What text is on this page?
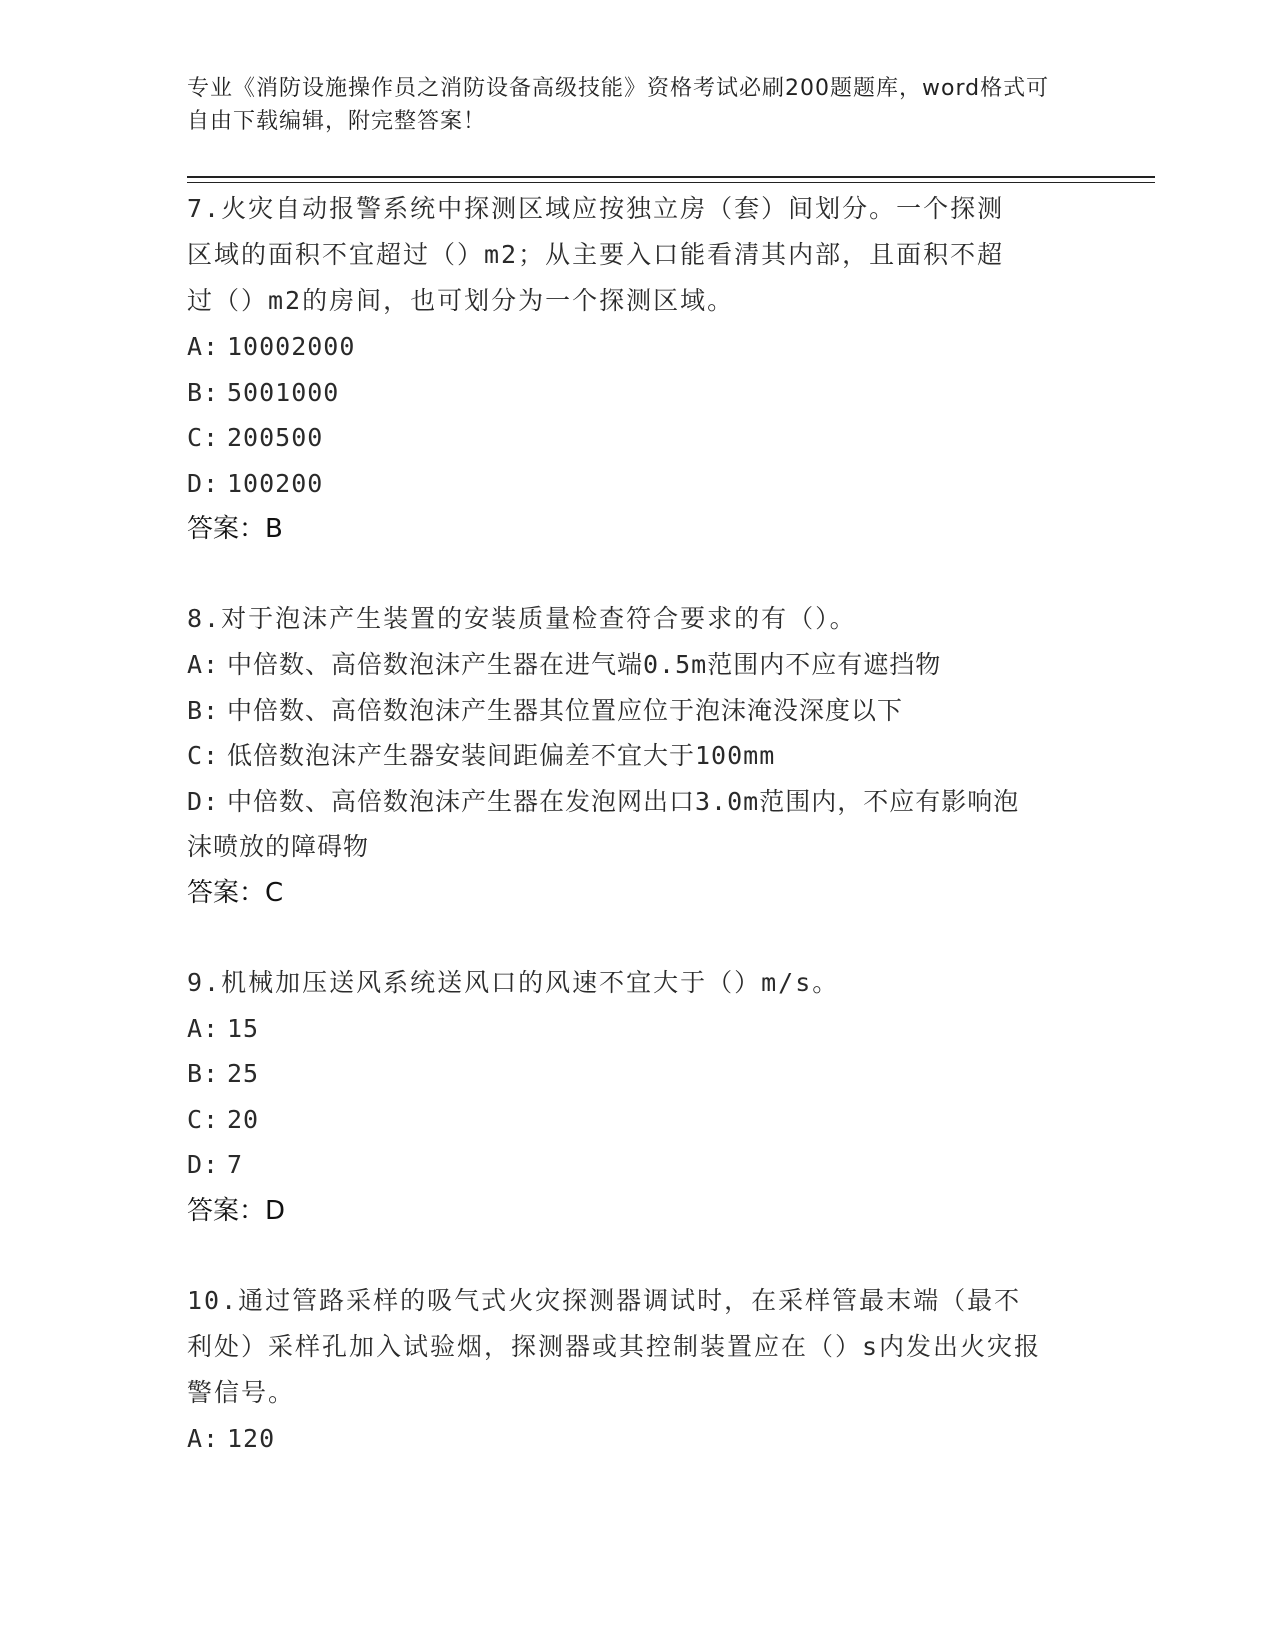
专业《消防设施操作员之消防设备高级技能》资格考试必刷200题题库，word格式可自由下载编辑，附完整答案！
7.火灾自动报警系统中探测区域应按独立房（套）间划分。一个探测区域的面积不宜超过（）m2；从主要入口能看清其内部，且面积不超过（）m2的房间，也可划分为一个探测区域。
A: 10002000
B: 5001000
C: 200500
D: 100200
答案：B
8.对于泡沫产生装置的安装质量检查符合要求的有（）。
A: 中倍数、高倍数泡沫产生器在进气端0.5m范围内不应有遮挡物
B: 中倍数、高倍数泡沫产生器其位置应位于泡沫淹没深度以下
C: 低倍数泡沫产生器安装间距偏差不宜大于100mm
D: 中倍数、高倍数泡沫产生器在发泡网出口3.0m范围内，不应有影响泡沫喷放的障碍物
答案：C
9.机械加压送风系统送风口的风速不宜大于（）m/s。
A: 15
B: 25
C: 20
D: 7
答案：D
10.通过管路采样的吸气式火灾探测器调试时，在采样管最末端（最不利处）采样孔加入试验烟，探测器或其控制装置应在（）s内发出火灾报警信号。
A: 120
